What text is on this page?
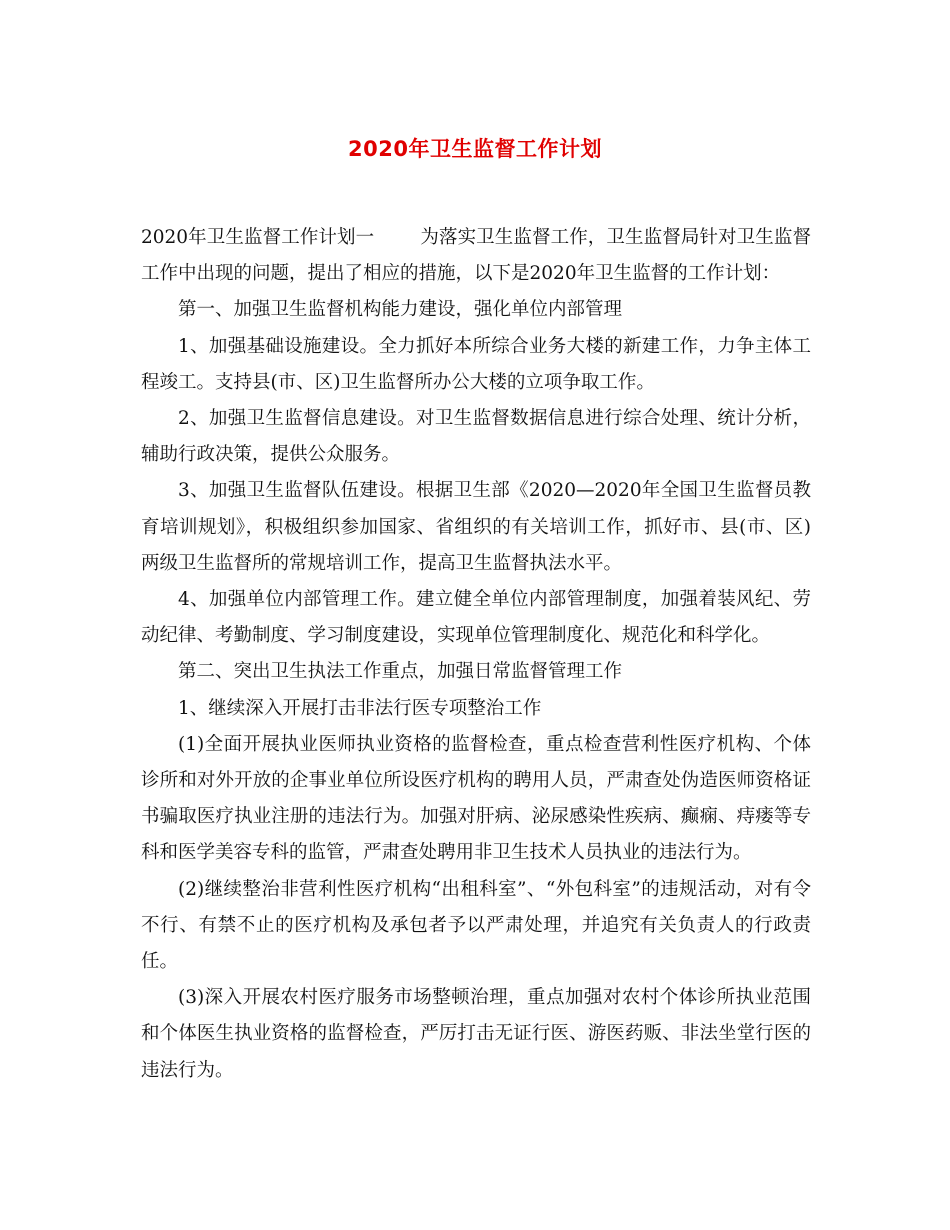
2020年卫生监督工作计划

2020年卫生监督工作计划一 为落实卫生监督工作，卫生监督局针对卫生监督工作中出现的问题，提出了相应的措施，以下是2020年卫生监督的工作计划：

第一、加强卫生监督机构能力建设，强化单位内部管理

1、加强基础设施建设。全力抓好本所综合业务大楼的新建工作，力争主体工程竣工。支持县(市、区)卫生监督所办公大楼的立项争取工作。

2、加强卫生监督信息建设。对卫生监督数据信息进行综合处理、统计分析，辅助行政决策，提供公众服务。

3、加强卫生监督队伍建设。根据卫生部《2020—2020年全国卫生监督员教育培训规划》，积极组织参加国家、省组织的有关培训工作，抓好市、县(市、区)两级卫生监督所的常规培训工作，提高卫生监督执法水平。

4、加强单位内部管理工作。建立健全单位内部管理制度，加强着装风纪、劳动纪律、考勤制度、学习制度建设，实现单位管理制度化、规范化和科学化。

第二、突出卫生执法工作重点，加强日常监督管理工作

1、继续深入开展打击非法行医专项整治工作

(1)全面开展执业医师执业资格的监督检查，重点检查营利性医疗机构、个体诊所和对外开放的企事业单位所设医疗机构的聘用人员，严肃查处伪造医师资格证书骗取医疗执业注册的违法行为。加强对肝病、泌尿感染性疾病、癫痫、痔瘘等专科和医学美容专科的监管，严肃查处聘用非卫生技术人员执业的违法行为。

(2)继续整治非营利性医疗机构“出租科室”、“外包科室”的违规活动，对有令不行、有禁不止的医疗机构及承包者予以严肃处理，并追究有关负责人的行政责任。

(3)深入开展农村医疗服务市场整顿治理，重点加强对农村个体诊所执业范围和个体医生执业资格的监督检查，严厉打击无证行医、游医药贩、非法坐堂行医的违法行为。
